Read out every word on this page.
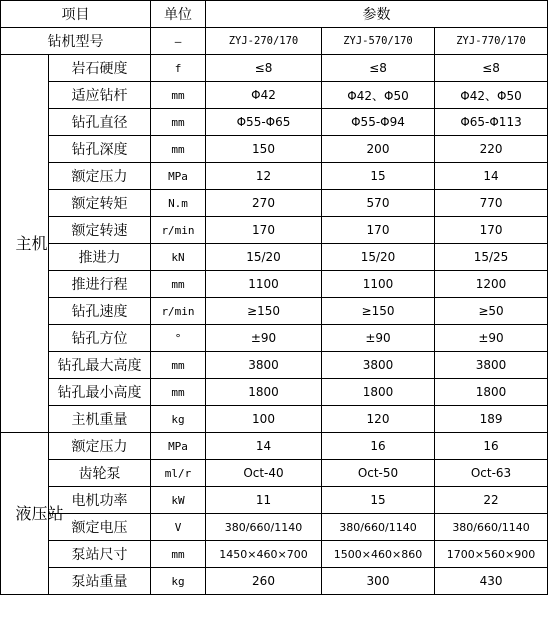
项目		单位	参数		
钻机型号		—	ZYJ-270/170	ZYJ-570/170	ZYJ-770/170

主机	岩石硬度	f	≤8	≤8	≤8
	适应钻杆	mm	Φ42	Φ42、Φ50	Φ42、Φ50
	钻孔直径	mm	Φ55-Φ65	Φ55-Φ94	Φ65-Φ113
	钻孔深度	mm	150	200	220
	额定压力	MPa	12	15	14
	额定转矩	N.m	270	570	770
	额定转速	r/min	170	170	170
	推进力	kN	15/20	15/20	15/25
	推进行程	mm	1100	1100	1200
	钻孔速度	r/min	≥150	≥150	≥50
	钻孔方位	°	±90	±90	±90
	钻孔最大高度	mm	3800	3800	3800
	钻孔最小高度	mm	1800	1800	1800
	主机重量	kg	100	120	189

液压站	额定压力	MPa	14	16	16
	齿轮泵	ml/r	Oct-40	Oct-50	Oct-63
	电机功率	kW	11	15	22
	额定电压	V	380/660/1140	380/660/1140	380/660/1140
	泵站尺寸	mm	1450×460×700	1500×460×860	1700×560×900
	泵站重量	kg	260	300	430
